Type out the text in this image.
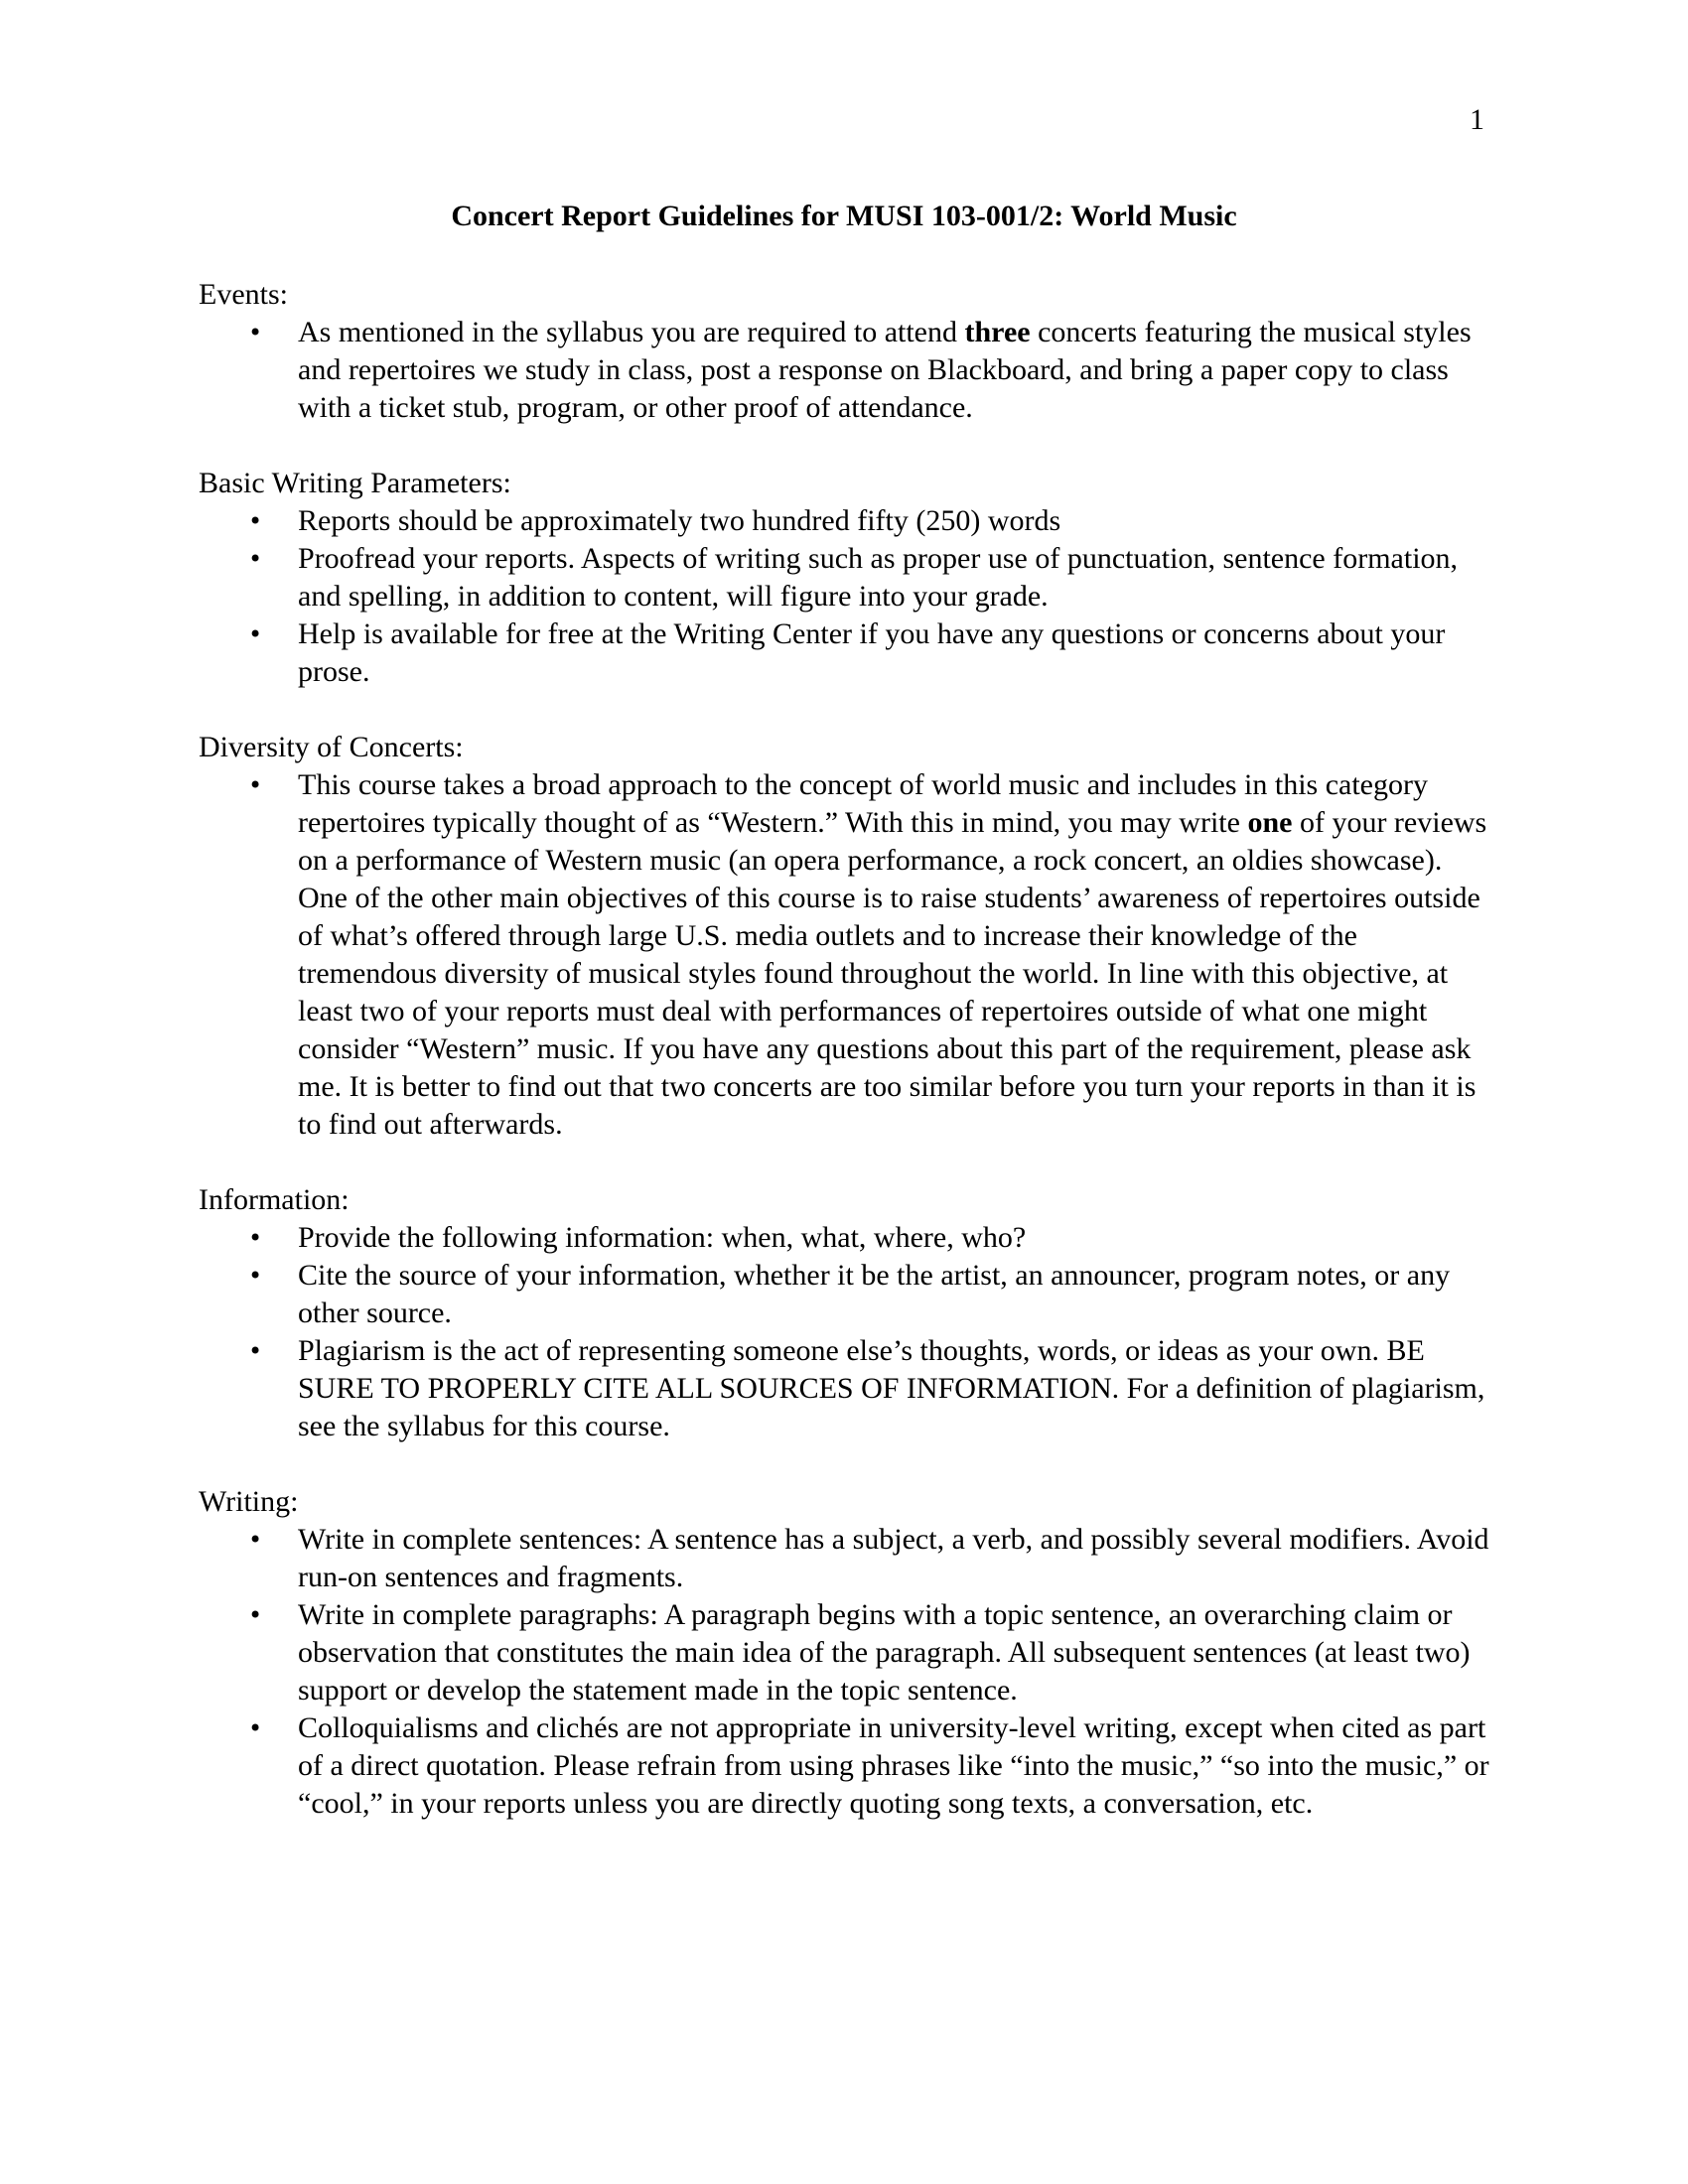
1
Concert Report Guidelines for MUSI 103-001/2: World Music
Events:
• As mentioned in the syllabus you are required to attend three concerts featuring the musical styles and repertoires we study in class, post a response on Blackboard, and bring a paper copy to class with a ticket stub, program, or other proof of attendance.
Basic Writing Parameters:
• Reports should be approximately two hundred fifty (250) words
• Proofread your reports. Aspects of writing such as proper use of punctuation, sentence formation, and spelling, in addition to content, will figure into your grade.
• Help is available for free at the Writing Center if you have any questions or concerns about your prose.
Diversity of Concerts:
• This course takes a broad approach to the concept of world music and includes in this category repertoires typically thought of as “Western.” With this in mind, you may write one of your reviews on a performance of Western music (an opera performance, a rock concert, an oldies showcase). One of the other main objectives of this course is to raise students’ awareness of repertoires outside of what’s offered through large U.S. media outlets and to increase their knowledge of the tremendous diversity of musical styles found throughout the world. In line with this objective, at least two of your reports must deal with performances of repertoires outside of what one might consider “Western” music. If you have any questions about this part of the requirement, please ask me. It is better to find out that two concerts are too similar before you turn your reports in than it is to find out afterwards.
Information:
• Provide the following information: when, what, where, who?
• Cite the source of your information, whether it be the artist, an announcer, program notes, or any other source.
• Plagiarism is the act of representing someone else’s thoughts, words, or ideas as your own. BE SURE TO PROPERLY CITE ALL SOURCES OF INFORMATION. For a definition of plagiarism, see the syllabus for this course.
Writing:
• Write in complete sentences: A sentence has a subject, a verb, and possibly several modifiers. Avoid run-on sentences and fragments.
• Write in complete paragraphs: A paragraph begins with a topic sentence, an overarching claim or observation that constitutes the main idea of the paragraph. All subsequent sentences (at least two) support or develop the statement made in the topic sentence.
• Colloquialisms and clichés are not appropriate in university-level writing, except when cited as part of a direct quotation. Please refrain from using phrases like “into the music,” “so into the music,” or “cool,” in your reports unless you are directly quoting song texts, a conversation, etc.
